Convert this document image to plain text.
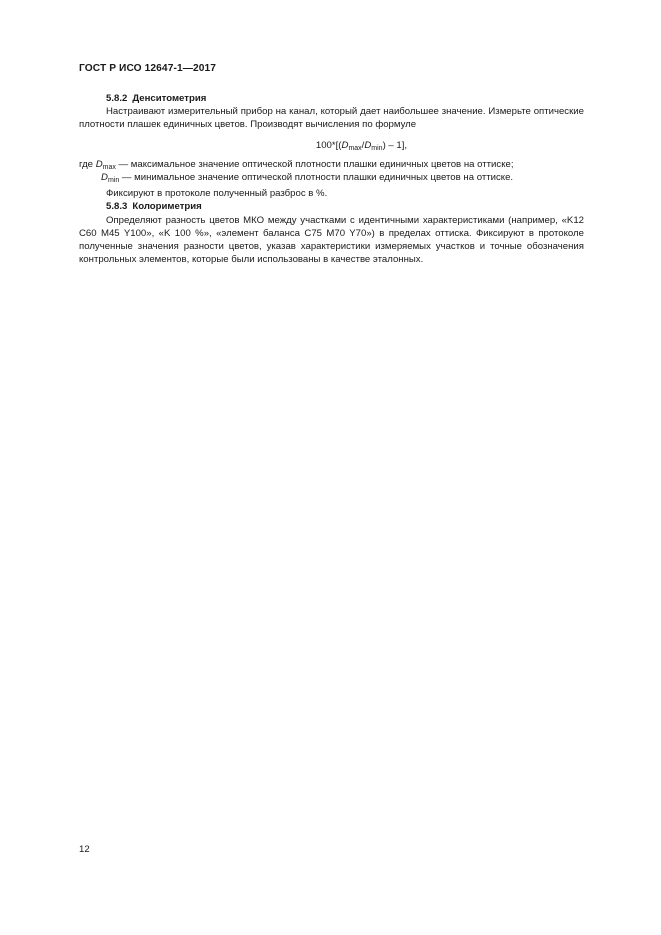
ГОСТ Р ИСО 12647-1—2017

5.8.2 Денситометрия

Настраивают измерительный прибор на канал, который дает наибольшее значение. Измерьте оптические плотности плашек единичных цветов. Производят вычисления по формуле

$100*[(D_{max}/D_{min}) - 1]$,

где $D_{max}$ — максимальное значение оптической плотности плашки единичных цветов на оттиске;

$D_{min}$ — минимальное значение оптической плотности плашки единичных цветов на оттиске.

Фиксируют в протоколе полученный разброс в %.

5.8.3 Колориметрия

Определяют разность цветов МКО между участками с идентичными характеристиками (например, «K12 C60 M45 Y100», «K 100 %», «элемент баланса C75 M70 Y70») в пределах оттиска. Фиксируют в протоколе полученные значения разности цветов, указав характеристики измеряемых участков и точные обозначения контрольных элементов, которые были использованы в качестве эталонных.

12
